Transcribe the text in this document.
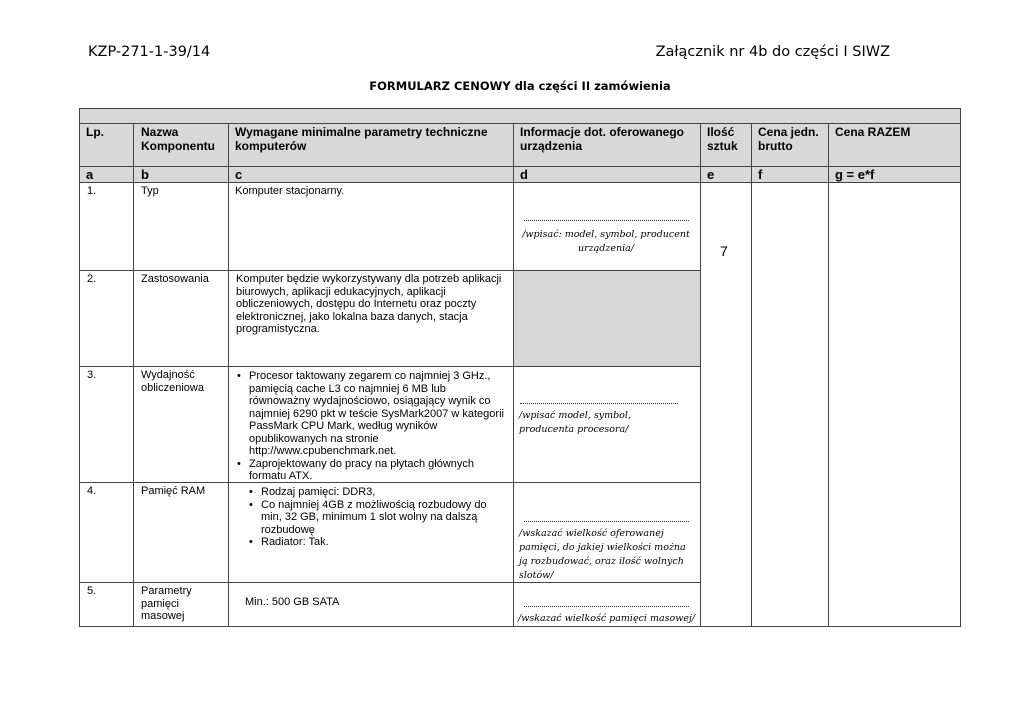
KZP-271-1-39/14	Załącznik nr 4b do części I SIWZ
FORMULARZ CENOWY dla części II zamówienia
Lp.	Nazwa Komponentu
Wymagane minimalne parametry techniczne komputerów
Informacje dot. oferowanego urządzenia
Ilość sztuk
Cena jedn. brutto
Cena RAZEM
a	b	c	d	e	f	g = e*f
7
1.	Typ	Komputer stacjonarny.
/wpisać: model, symbol, producent urządzenia/
2.	Zastosowania	Komputer będzie wykorzystywany dla potrzeb aplikacji biurowych, aplikacji edukacyjnych, aplikacji obliczeniowych, dostępu do Internetu oraz poczty elektronicznej, jako lokalna baza danych, stacja programistyczna.
3.	Wydajność obliczeniowa
• Procesor taktowany zegarem co najmniej 3 GHz., pamięcią cache L3 co najmniej 6 MB lub równoważny wydajnościowo, osiągający wynik co najmniej 6290 pkt w teście SysMark2007 w kategorii PassMark CPU Mark, według wyników opublikowanych na stronie http://www.cpubenchmark.net.
• Zaprojektowany do pracy na płytach głównych formatu ATX.
/wpisać model, symbol, producenta procesora/
4.	Pamięć RAM
•	Rodzaj pamięci: DDR3,
• Co najmniej 4GB z możliwością rozbudowy do min, 32 GB, minimum 1 slot wolny na dalszą rozbudowę
• Radiator: Tak.
/wskazać wielkość oferowanej pamięci, do jakiej wielkości można ją rozbudować, oraz ilość wolnych slotów/
5.	Parametry pamięci masowej
Min.: 500 GB SATA
/wskazać wielkość pamięci masowej/
